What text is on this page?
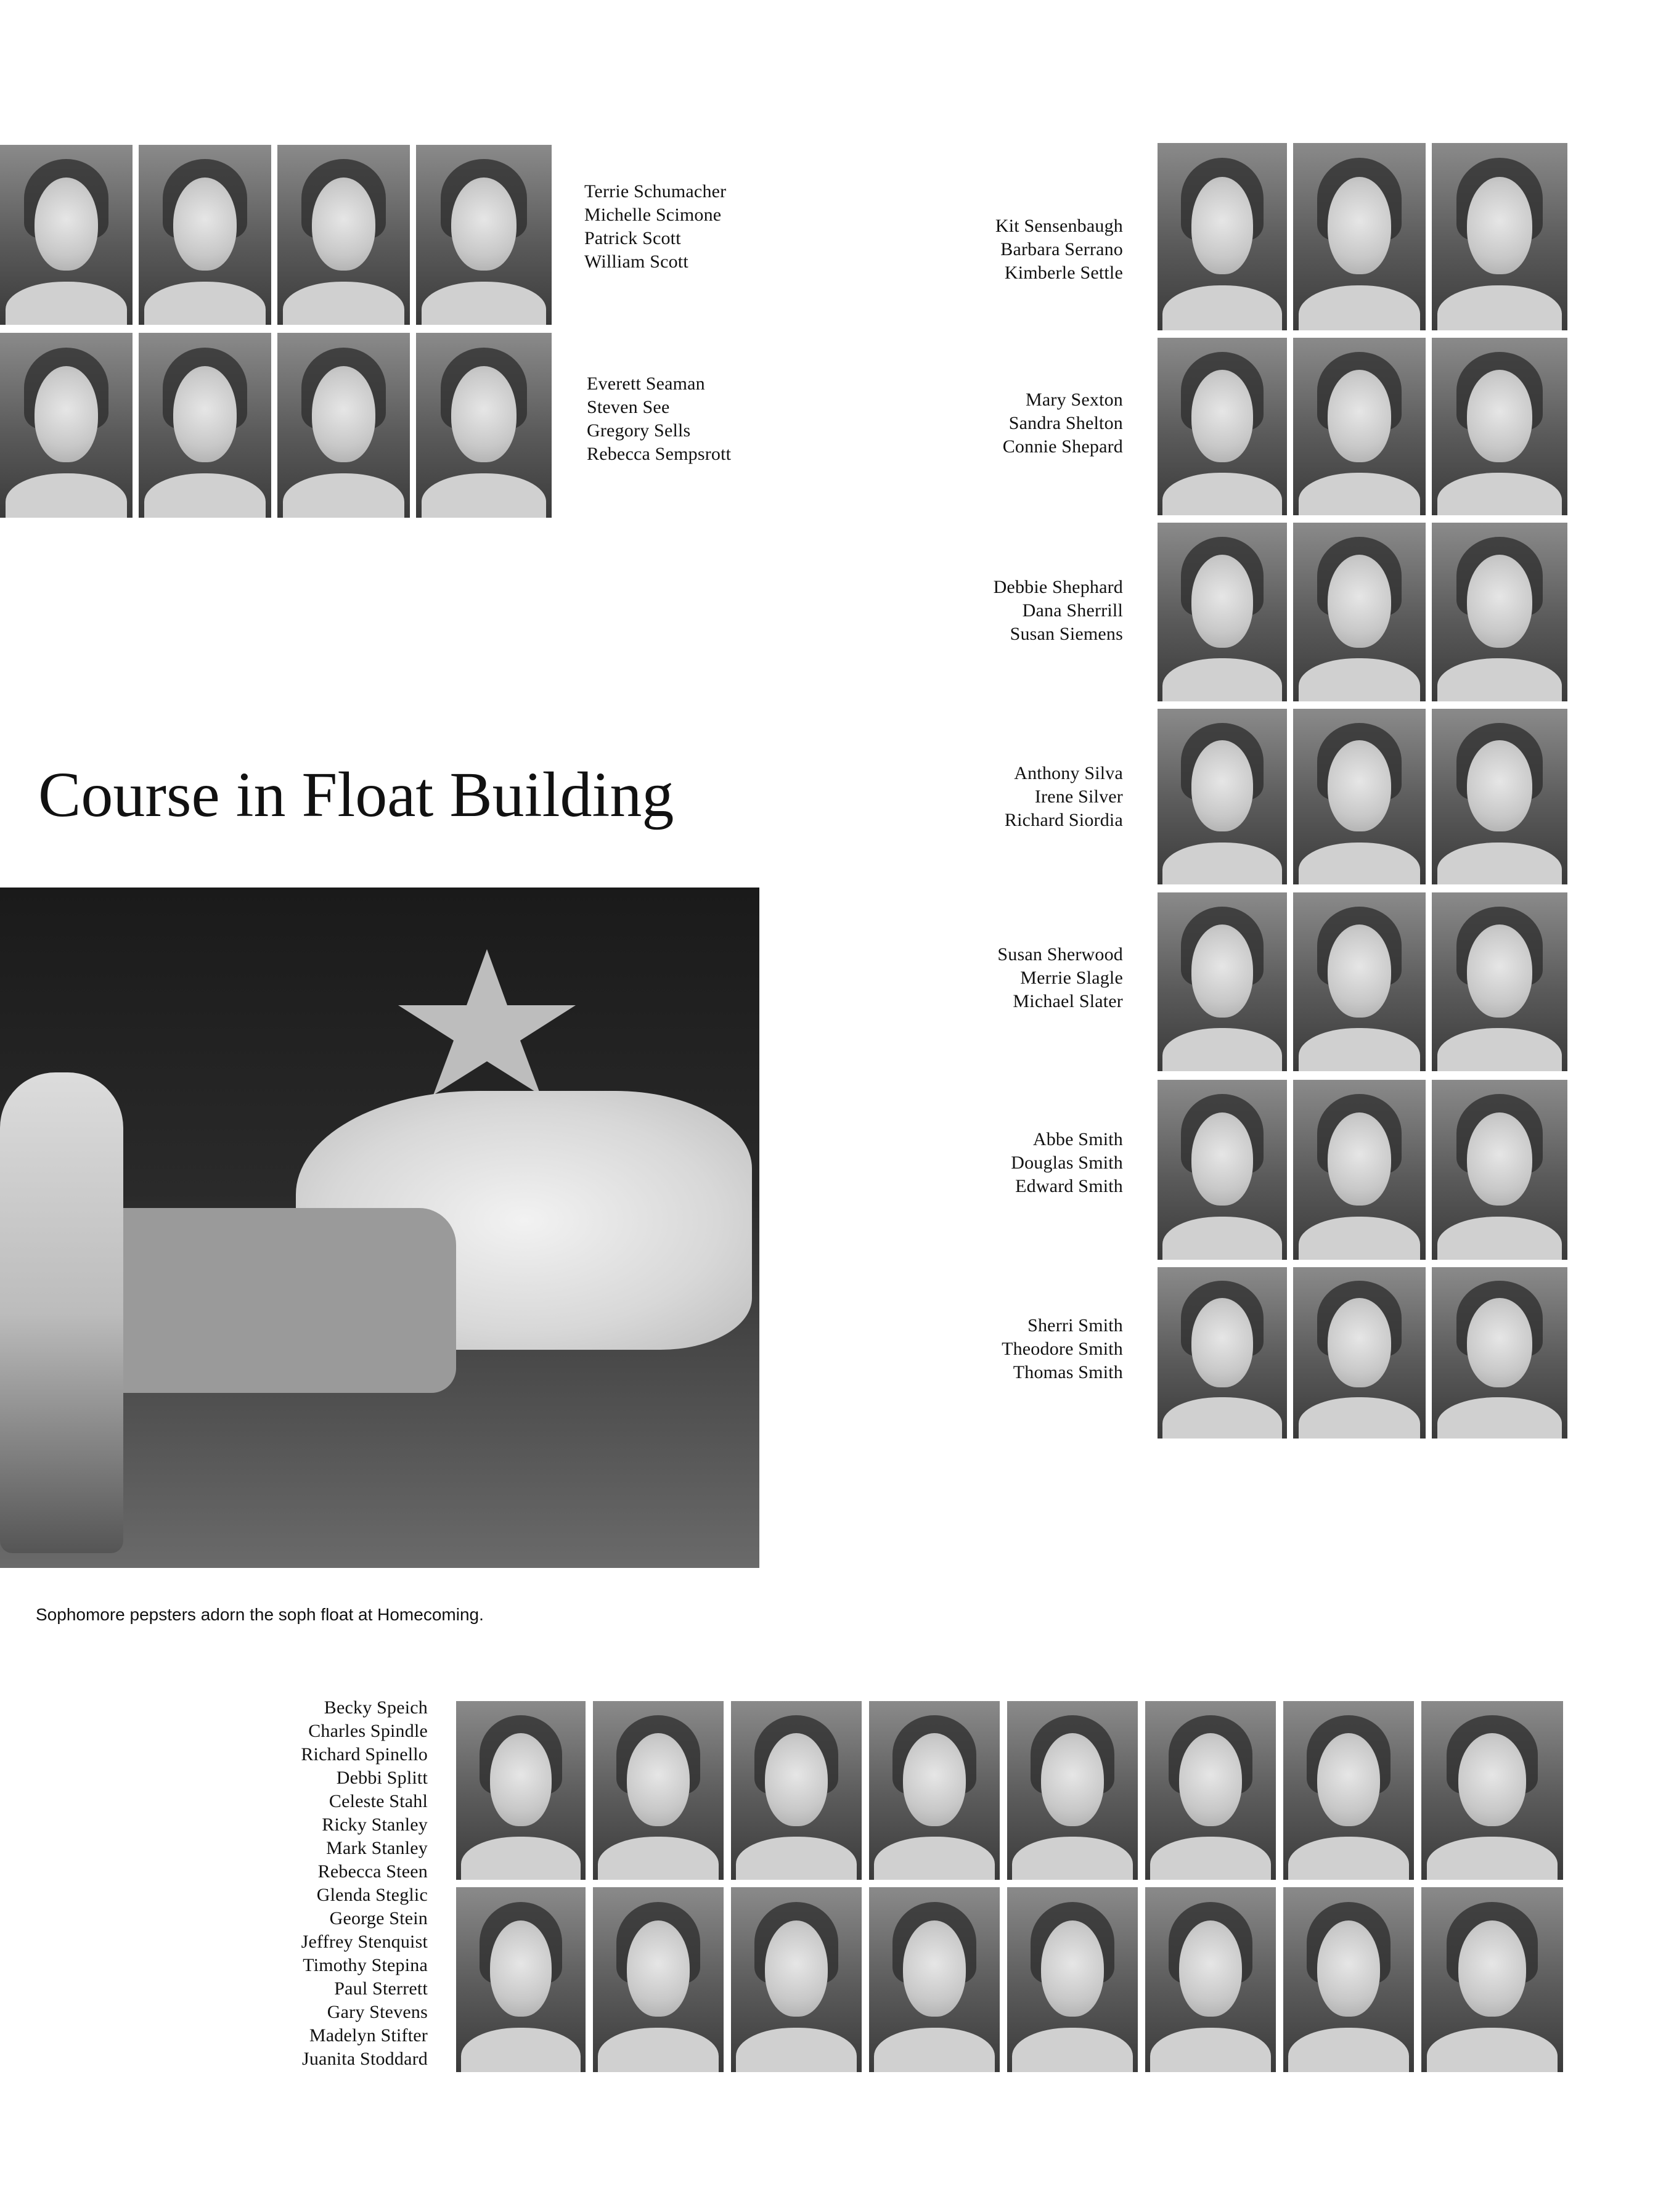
Terrie Schumacher
Michelle Scimone
Patrick Scott
William Scott
Everett Seaman
Steven See
Gregory Sells
Rebecca Sempsrott
Kit Sensenbaugh
Barbara Serrano
Kimberle Settle
Mary Sexton
Sandra Shelton
Connie Shepard
Debbie Shephard
Dana Sherrill
Susan Siemens
Anthony Silva
Irene Silver
Richard Siordia
Susan Sherwood
Merrie Slagle
Michael Slater
Abbe Smith
Douglas Smith
Edward Smith
Sherri Smith
Theodore Smith
Thomas Smith
Course in Float Building
Sophomore pepsters adorn the soph float at Homecoming.
Becky Speich
Charles Spindle
Richard Spinello
Debbi Splitt
Celeste Stahl
Ricky Stanley
Mark Stanley
Rebecca Steen
Glenda Steglic
George Stein
Jeffrey Stenquist
Timothy Stepina
Paul Sterrett
Gary Stevens
Madelyn Stifter
Juanita Stoddard
